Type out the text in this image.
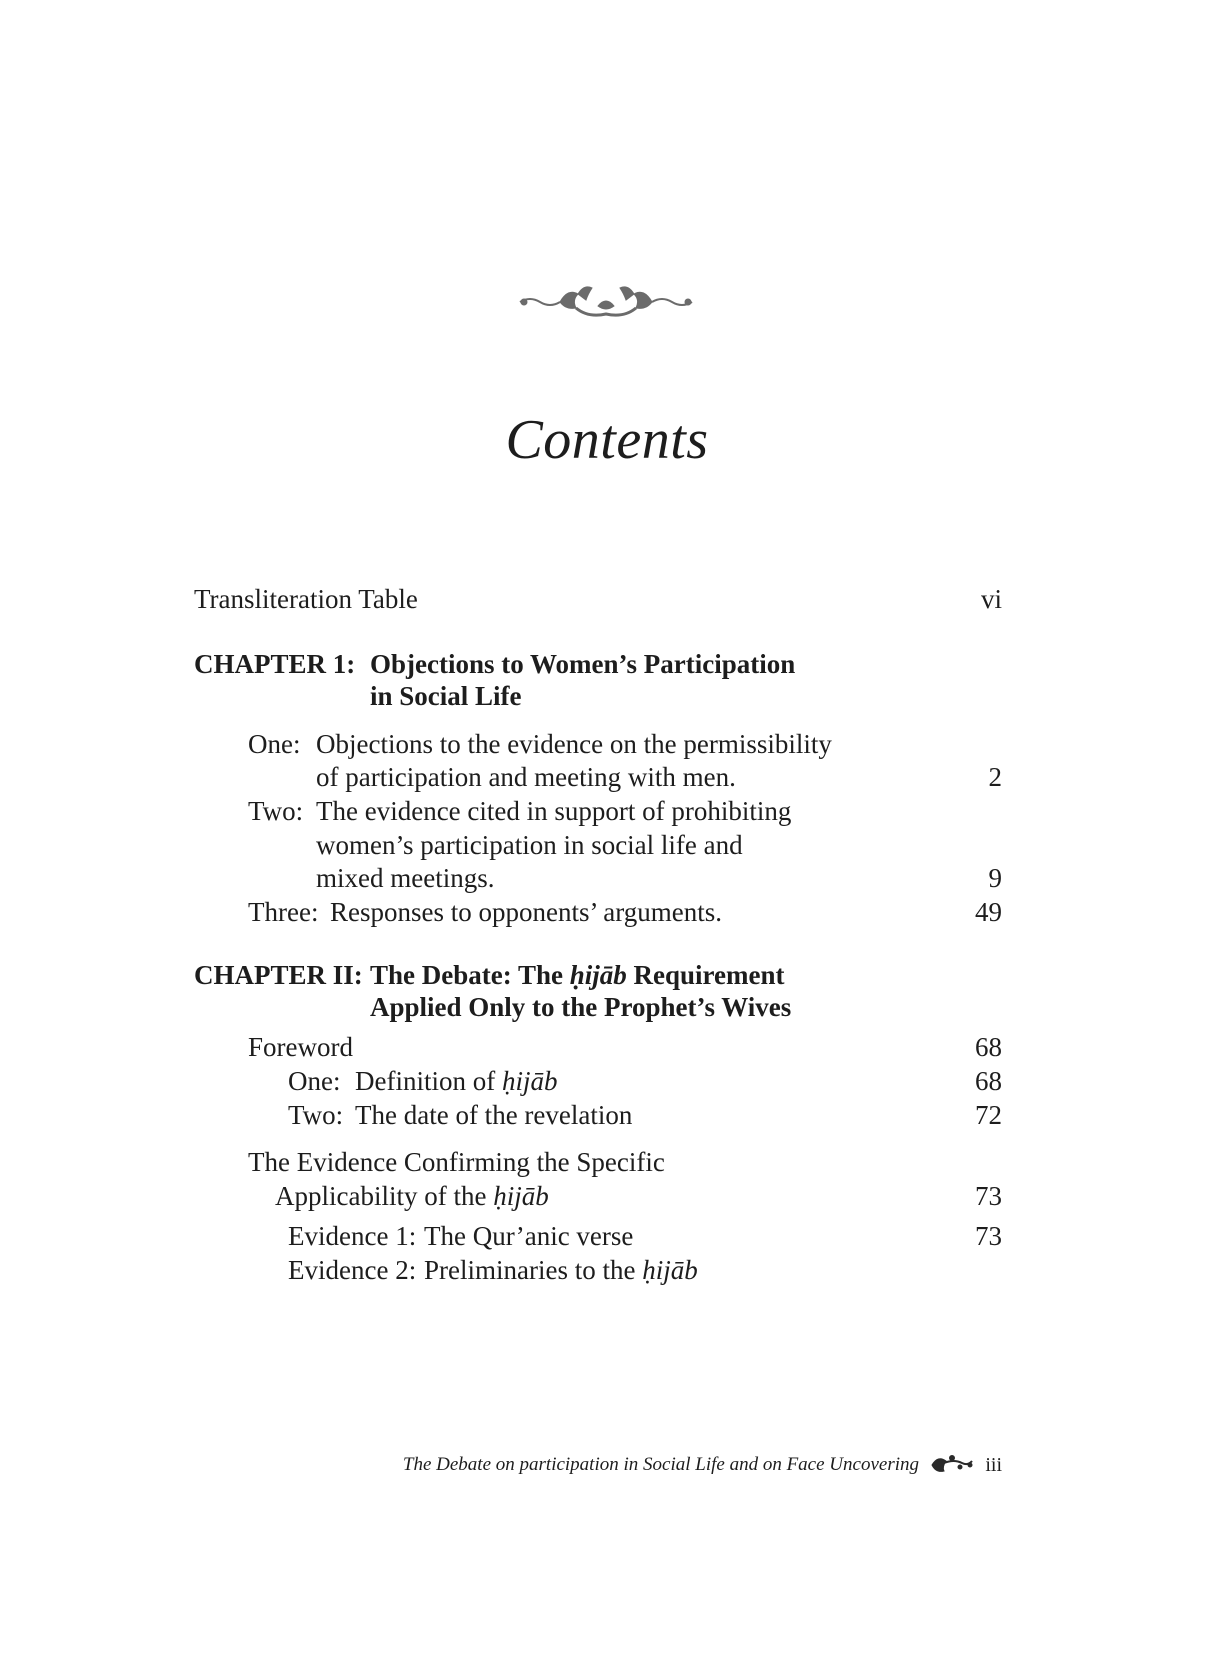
Contents
Transliteration Table	vi
CHAPTER 1: Objections to Women’s Participation
in Social Life
One: Objections to the evidence on the permissibility
of participation and meeting with men.	2
Two: The evidence cited in support of prohibiting
women’s participation in social life and
mixed meetings.	9
Three: Responses to opponents’ arguments.	49
CHAPTER II: The Debate: The ḥijāb Requirement
Applied Only to the Prophet’s Wives
Foreword	68
One: Definition of ḥijāb	68
Two: The date of the revelation	72
The Evidence Confirming the Specific
Applicability of the ḥijāb	73
Evidence 1: The Qur’anic verse	73
Evidence 2: Preliminaries to the ḥijāb
The Debate on participation in Social Life and on Face Uncovering	iii
